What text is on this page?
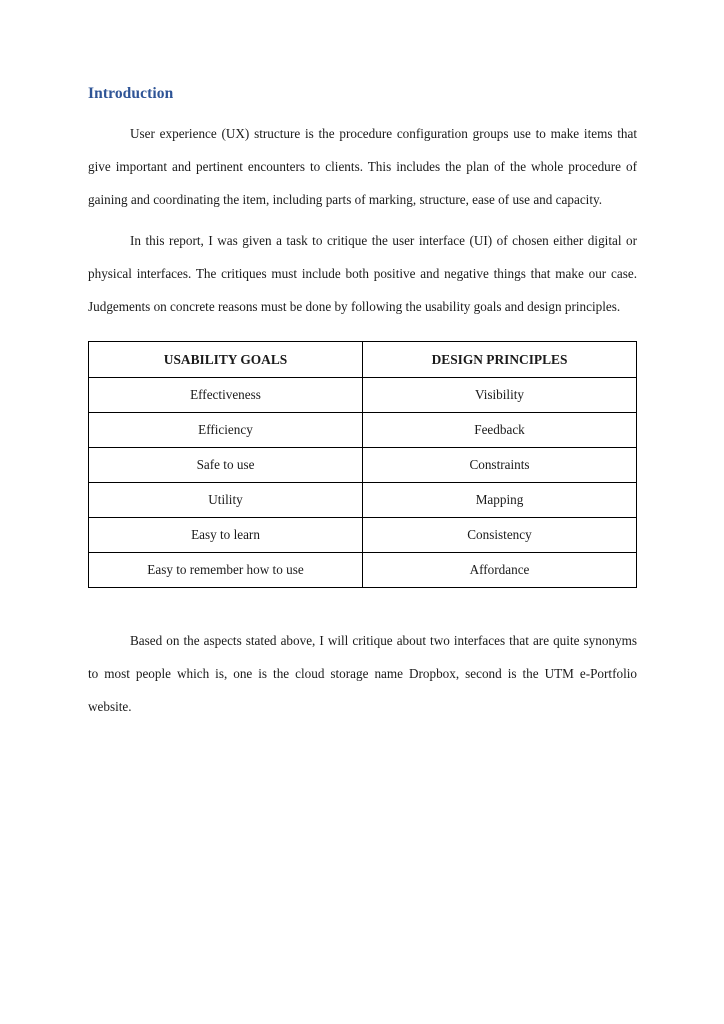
Introduction

User experience (UX) structure is the procedure configuration groups use to make items that give important and pertinent encounters to clients. This includes the plan of the whole procedure of gaining and coordinating the item, including parts of marking, structure, ease of use and capacity.

In this report, I was given a task to critique the user interface (UI) of chosen either digital or physical interfaces. The critiques must include both positive and negative things that make our case. Judgements on concrete reasons must be done by following the usability goals and design principles.

USABILITY GOALS	DESIGN PRINCIPLES
Effectiveness	Visibility
Efficiency	Feedback
Safe to use	Constraints
Utility	Mapping
Easy to learn	Consistency
Easy to remember how to use	Affordance

Based on the aspects stated above, I will critique about two interfaces that are quite synonyms to most people which is, one is the cloud storage name Dropbox, second is the UTM e-Portfolio website.
